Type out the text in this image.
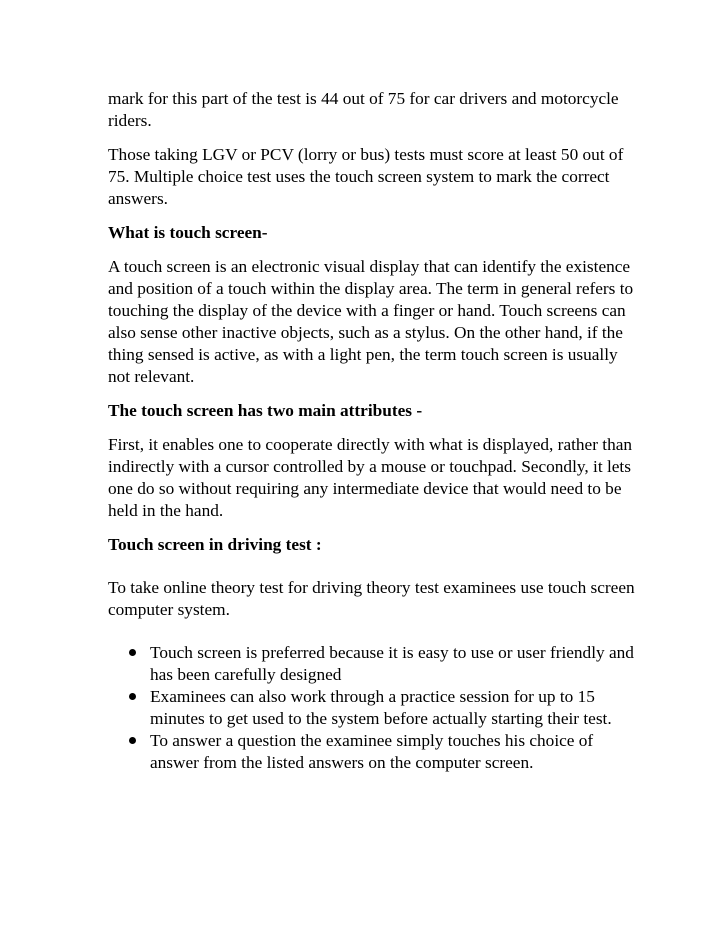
mark for this part of the test is 44 out of 75 for car drivers and motorcycle riders.

Those taking LGV or PCV (lorry or bus) tests must score at least 50 out of 75. Multiple choice test uses the touch screen system to mark the correct answers.

What is touch screen-

A touch screen is an electronic visual display that can identify the existence and position of a touch within the display area. The term in general refers to touching the display of the device with a finger or hand. Touch screens can also sense other inactive objects, such as a stylus. On the other hand, if the thing sensed is active, as with a light pen, the term touch screen is usually not relevant.

The touch screen has two main attributes -

First, it enables one to cooperate directly with what is displayed, rather than indirectly with a cursor controlled by a mouse or touchpad. Secondly, it lets one do so without requiring any intermediate device that would need to be held in the hand.

Touch screen in driving test :

To take online theory test for driving theory test examinees use touch screen computer system.

Touch screen is preferred because it is easy to use or user friendly and has been carefully designed
Examinees can also work through a practice session for up to 15 minutes to get used to the system before actually starting their test.
To answer a question the examinee simply touches his choice of answer from the listed answers on the computer screen.
